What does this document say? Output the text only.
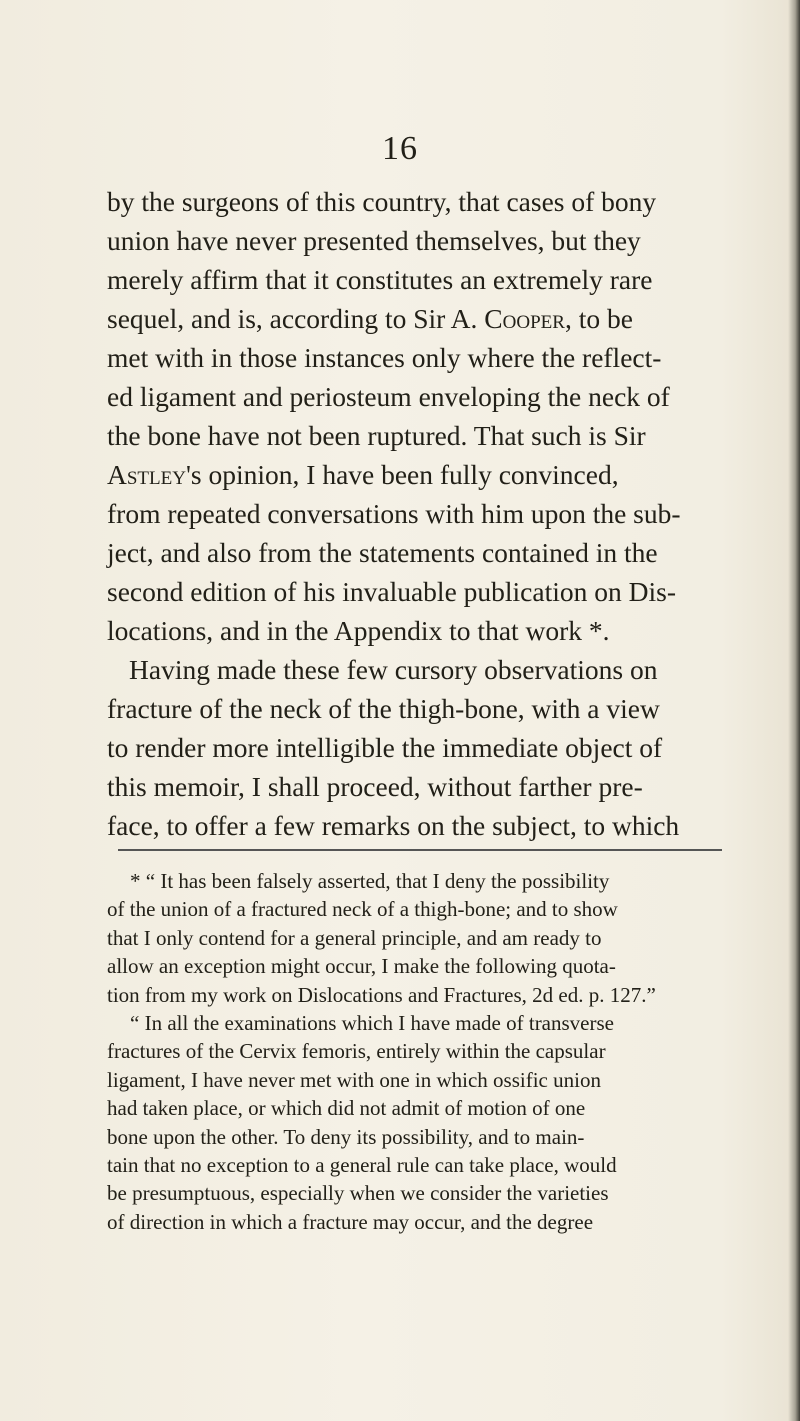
16
by the surgeons of this country, that cases of bony
union have never presented themselves, but they
merely affirm that it constitutes an extremely rare
sequel, and is, according to Sir A. Cooper, to be
met with in those instances only where the reflect-
ed ligament and periosteum enveloping the neck of
the bone have not been ruptured. That such is Sir
Astley's opinion, I have been fully convinced,
from repeated conversations with him upon the sub-
ject, and also from the statements contained in the
second edition of his invaluable publication on Dis-
locations, and in the Appendix to that work *.
Having made these few cursory observations on
fracture of the neck of the thigh-bone, with a view
to render more intelligible the immediate object of
this memoir, I shall proceed, without farther pre-
face, to offer a few remarks on the subject, to which
* “ It has been falsely asserted, that I deny the possibility
of the union of a fractured neck of a thigh-bone; and to show
that I only contend for a general principle, and am ready to
allow an exception might occur, I make the following quota-
tion from my work on Dislocations and Fractures, 2d ed. p. 127.”
“ In all the examinations which I have made of transverse
fractures of the Cervix femoris, entirely within the capsular
ligament, I have never met with one in which ossific union
had taken place, or which did not admit of motion of one
bone upon the other. To deny its possibility, and to main-
tain that no exception to a general rule can take place, would
be presumptuous, especially when we consider the varieties
of direction in which a fracture may occur, and the degree
